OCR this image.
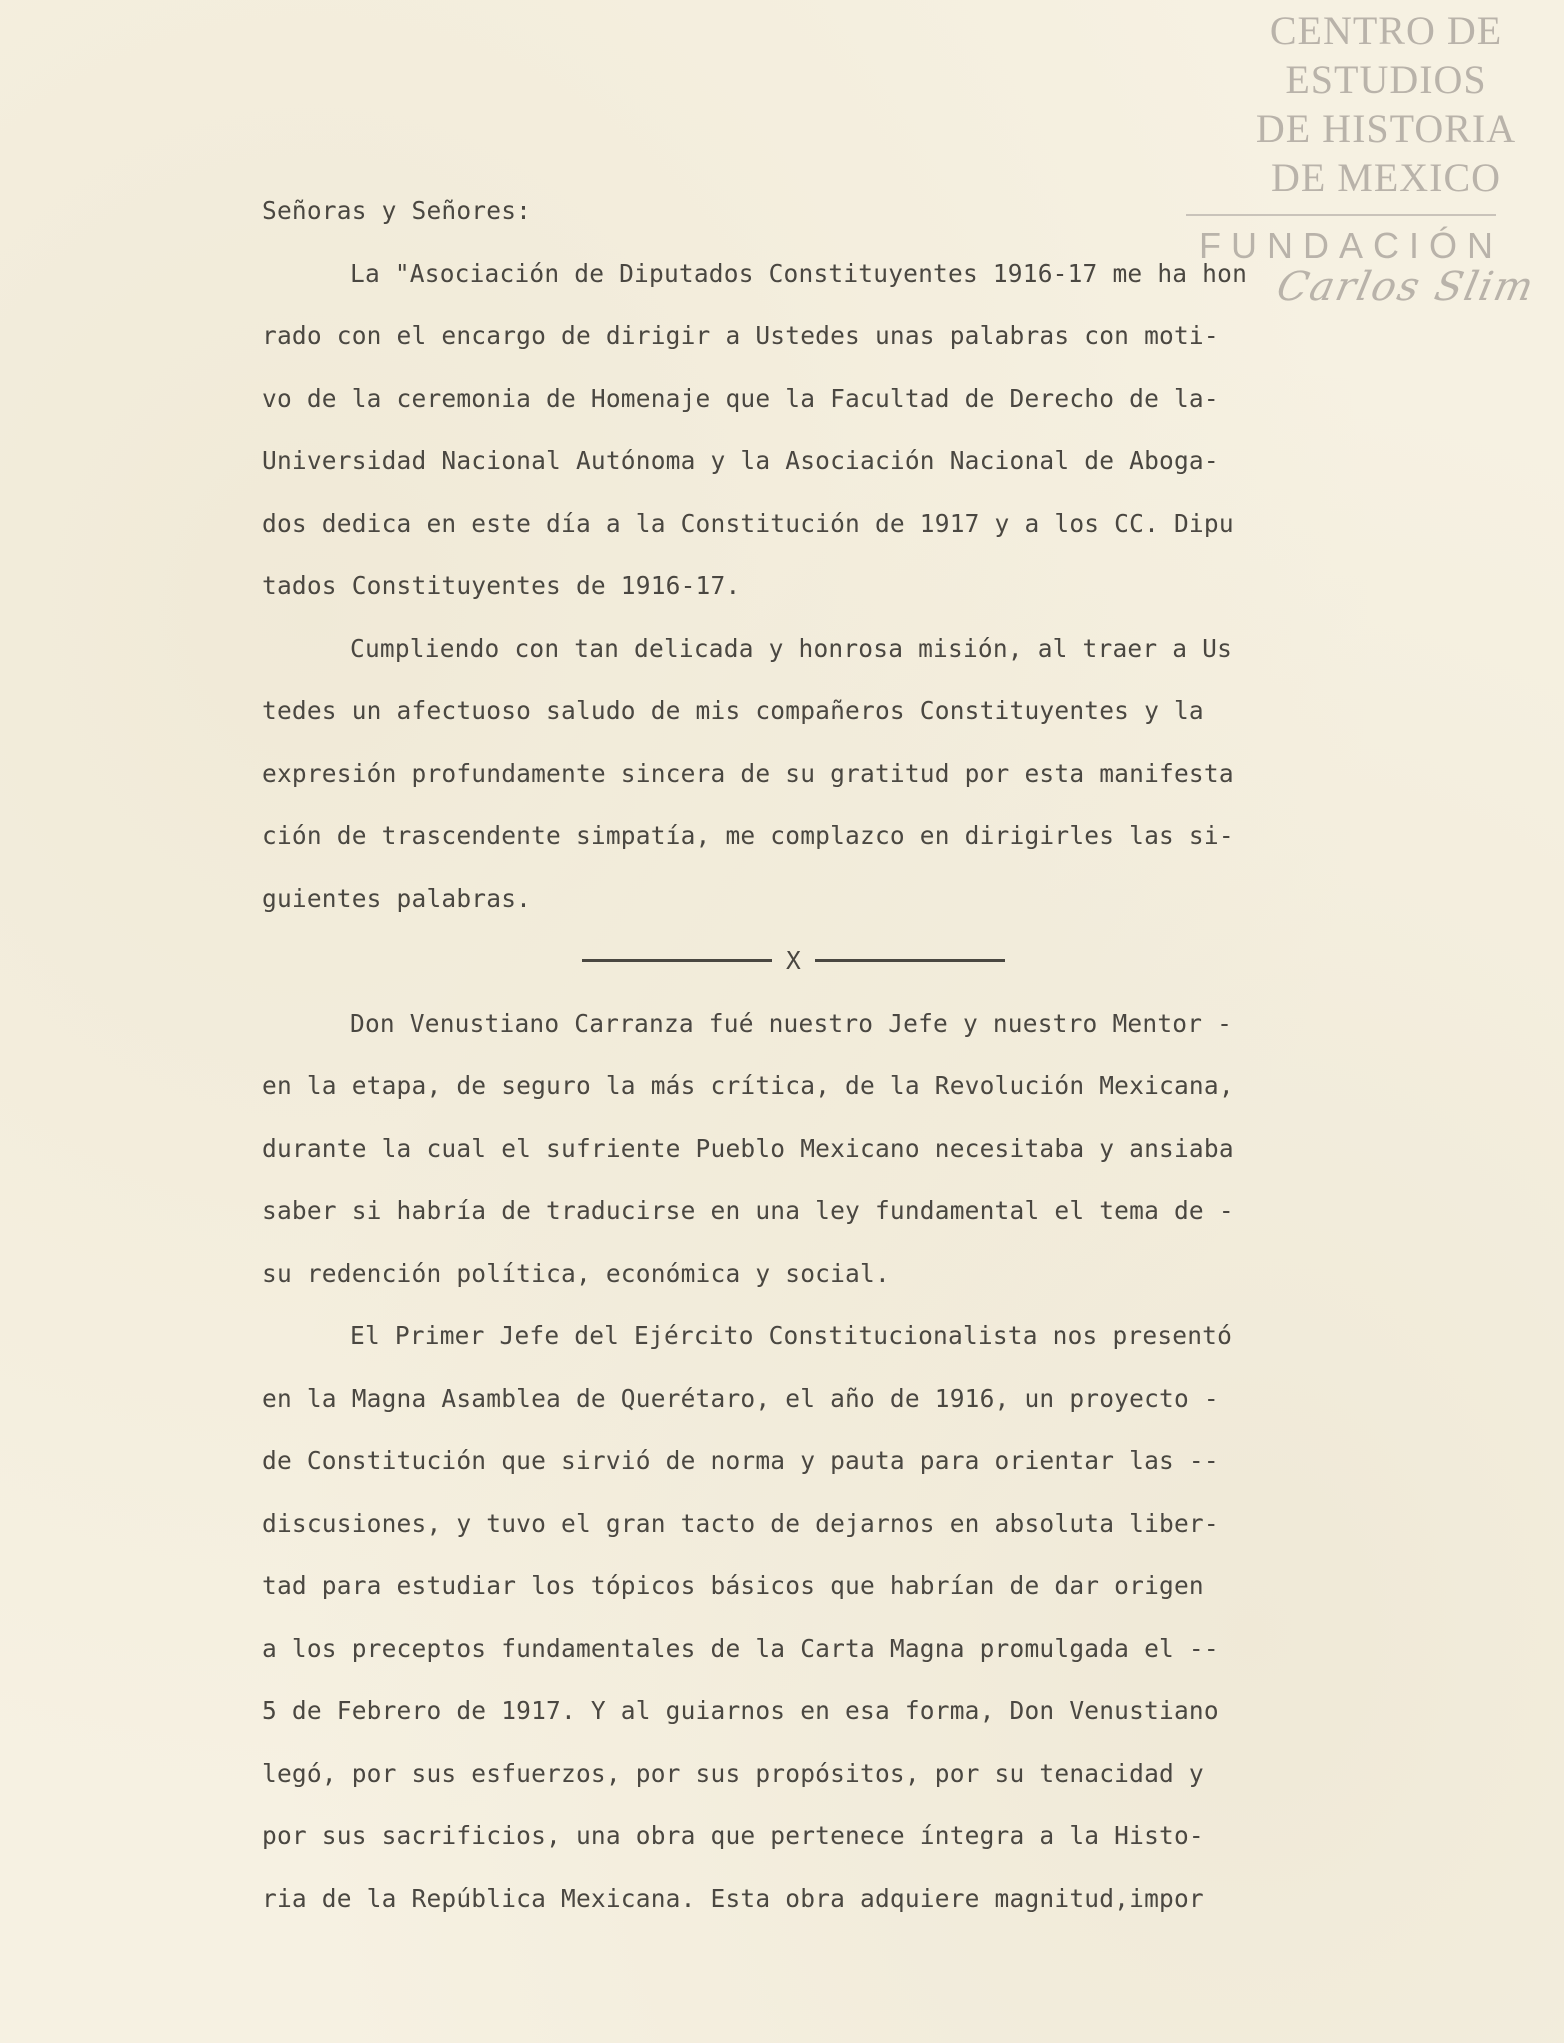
CENTRO DE
ESTUDIOS
DE HISTORIA
DE MEXICO
FUNDACIÓN
Carlos Slim
Señoras y Señores:
La "Asociación de Diputados Constituyentes 1916-17 me ha hon
rado con el encargo de dirigir a Ustedes unas palabras con moti-
vo de la ceremonia de Homenaje que la Facultad de Derecho de la-
Universidad Nacional Autónoma y la Asociación Nacional de Aboga-
dos dedica en este día a la Constitución de 1917 y a los CC. Dipu
tados Constituyentes de 1916-17.
Cumpliendo con tan delicada y honrosa misión, al traer a Us
tedes un afectuoso saludo de mis compañeros Constituyentes y la
expresión profundamente sincera de su gratitud por esta manifesta
ción de trascendente simpatía, me complazco en dirigirles las si-
guientes palabras.
X
Don Venustiano Carranza fué nuestro Jefe y nuestro Mentor -
en la etapa, de seguro la más crítica, de la Revolución Mexicana,
durante la cual el sufriente Pueblo Mexicano necesitaba y ansiaba
saber si habría de traducirse en una ley fundamental el tema de -
su redención política, económica y social.
El Primer Jefe del Ejército Constitucionalista nos presentó
en la Magna Asamblea de Querétaro, el año de 1916, un proyecto -
de Constitución que sirvió de norma y pauta para orientar las --
discusiones, y tuvo el gran tacto de dejarnos en absoluta liber-
tad para estudiar los tópicos básicos que habrían de dar origen
a los preceptos fundamentales de la Carta Magna promulgada el --
5 de Febrero de 1917. Y al guiarnos en esa forma, Don Venustiano
legó, por sus esfuerzos, por sus propósitos, por su tenacidad y
por sus sacrificios, una obra que pertenece íntegra a la Histo-
ria de la República Mexicana. Esta obra adquiere magnitud,impor
